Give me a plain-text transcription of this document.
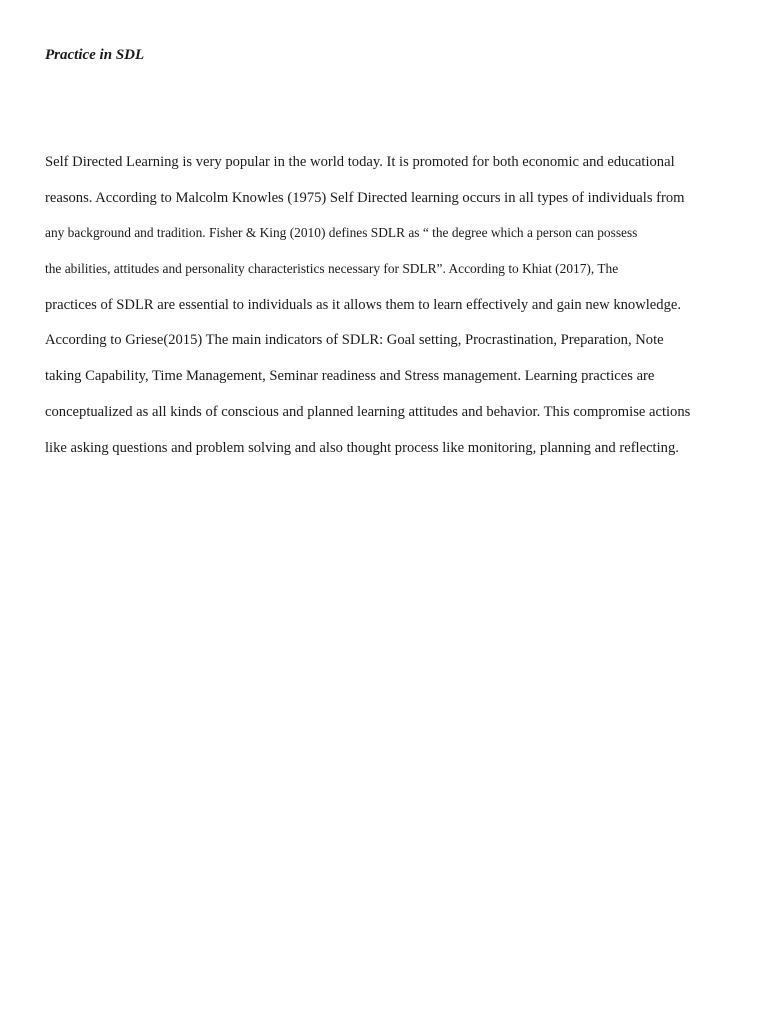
Practice in SDL
Self Directed Learning is very popular in the world today. It is promoted for both economic and educational
reasons. According to Malcolm Knowles (1975) Self Directed learning occurs in all types of individuals from
any background and tradition. Fisher & King (2010) defines SDLR as “ the degree which a person can possess
the abilities, attitudes and personality characteristics necessary for SDLR”. According to Khiat (2017), The
practices of SDLR are essential to individuals as it allows them to learn effectively and gain new knowledge.
According to Griese(2015) The main indicators of SDLR: Goal setting, Procrastination, Preparation, Note
taking Capability, Time Management, Seminar readiness and Stress management. Learning practices are
conceptualized as all kinds of conscious and planned learning attitudes and behavior. This compromise actions
like asking questions and problem solving and also thought process like monitoring, planning and reflecting.
